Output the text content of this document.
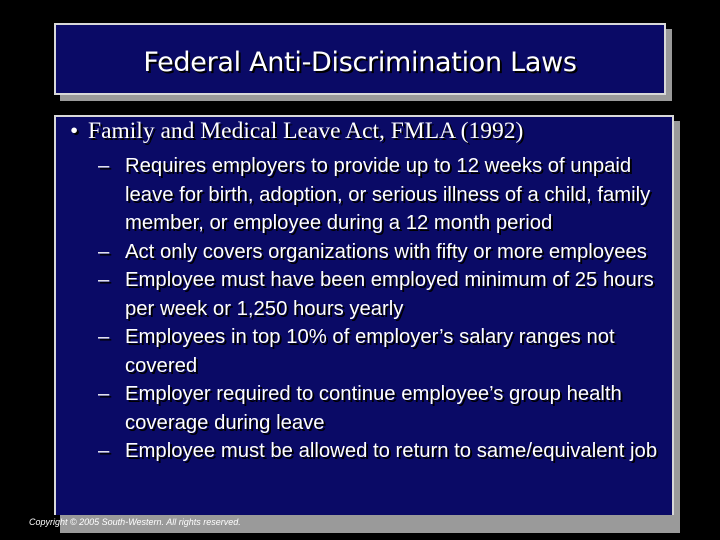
Federal Anti-Discrimination Laws
• Family and Medical Leave Act, FMLA (1992)
– Requires employers to provide up to 12 weeks of unpaid leave for birth, adoption, or serious illness of a child, family member, or employee during a 12 month period
– Act only covers organizations with fifty or more employees
– Employee must have been employed minimum of 25 hours per week or 1,250 hours yearly
– Employees in top 10% of employer’s salary ranges not covered
– Employer required to continue employee’s group health coverage during leave
– Employee must be allowed to return to same/equivalent job
Copyright © 2005 South-Western. All rights reserved.
